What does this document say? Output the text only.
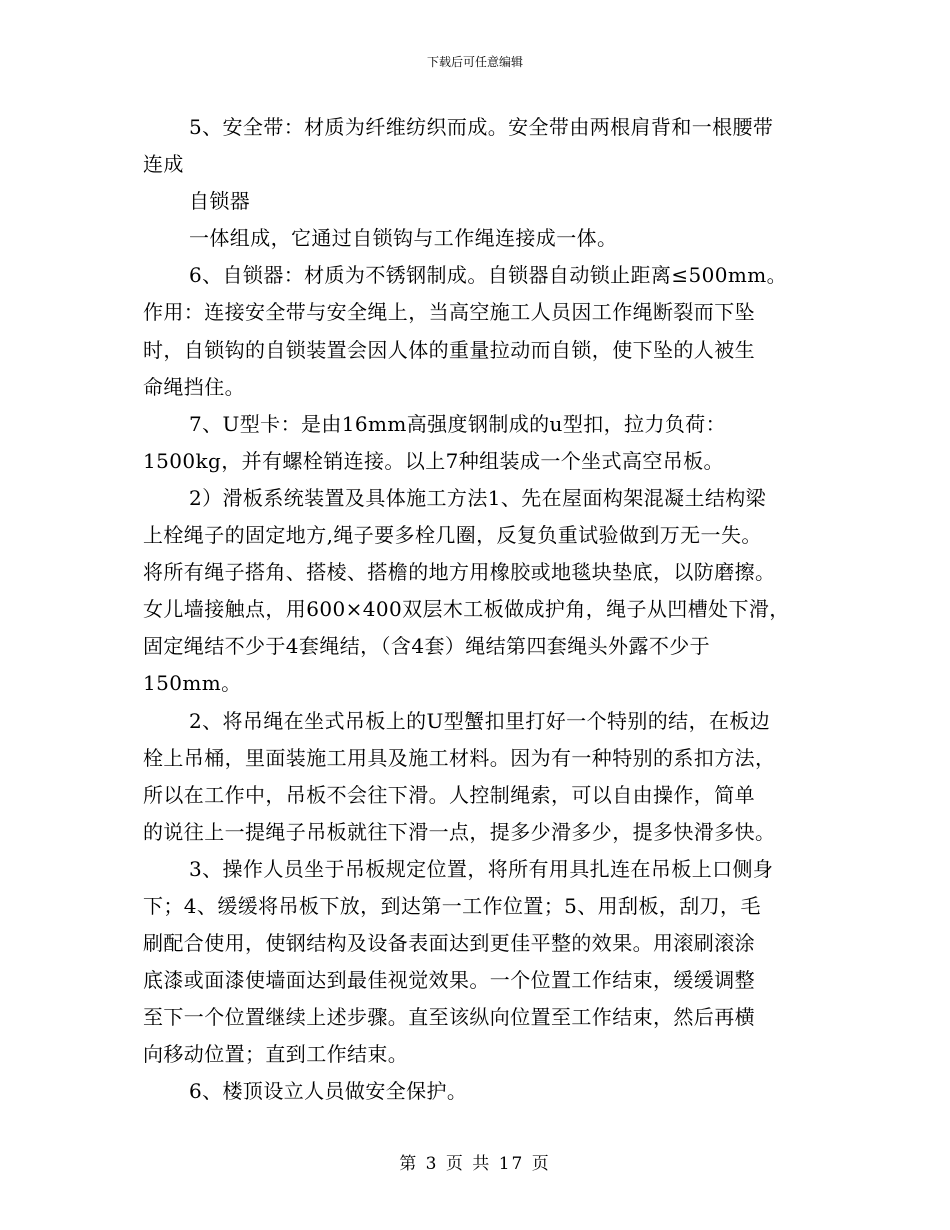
下载后可任意编辑
5、安全带：材质为纤维纺织而成。安全带由两根肩背和一根腰带
连成
自锁器
一体组成，它通过自锁钩与工作绳连接成一体。
6、自锁器：材质为不锈钢制成。自锁器自动锁止距离≤500mm。
作用：连接安全带与安全绳上，当高空施工人员因工作绳断裂而下坠
时，自锁钩的自锁装置会因人体的重量拉动而自锁，使下坠的人被生
命绳挡住。
7、U型卡：是由16mm高强度钢制成的u型扣，拉力负荷：
1500kg，并有螺栓销连接。以上7种组装成一个坐式高空吊板。
2）滑板系统装置及具体施工方法1、先在屋面构架混凝土结构梁
上栓绳子的固定地方,绳子要多栓几圈，反复负重试验做到万无一失。
将所有绳子搭角、搭棱、搭檐的地方用橡胶或地毯块垫底，以防磨擦。
女儿墙接触点，用600×400双层木工板做成护角，绳子从凹槽处下滑，
固定绳结不少于4套绳结，（含4套）绳结第四套绳头外露不少于
150mm。
2、将吊绳在坐式吊板上的U型蟹扣里打好一个特别的结，在板边
栓上吊桶，里面装施工用具及施工材料。因为有一种特别的系扣方法，
所以在工作中，吊板不会往下滑。人控制绳索，可以自由操作，简单
的说往上一提绳子吊板就往下滑一点，提多少滑多少，提多快滑多快。
3、操作人员坐于吊板规定位置，将所有用具扎连在吊板上口侧身
下；4、缓缓将吊板下放，到达第一工作位置；5、用刮板，刮刀，毛
刷配合使用，使钢结构及设备表面达到更佳平整的效果。用滚刷滚涂
底漆或面漆使墙面达到最佳视觉效果。一个位置工作结束，缓缓调整
至下一个位置继续上述步骤。直至该纵向位置至工作结束，然后再横
向移动位置；直到工作结束。
6、楼顶设立人员做安全保护。
第 3 页 共 17 页
